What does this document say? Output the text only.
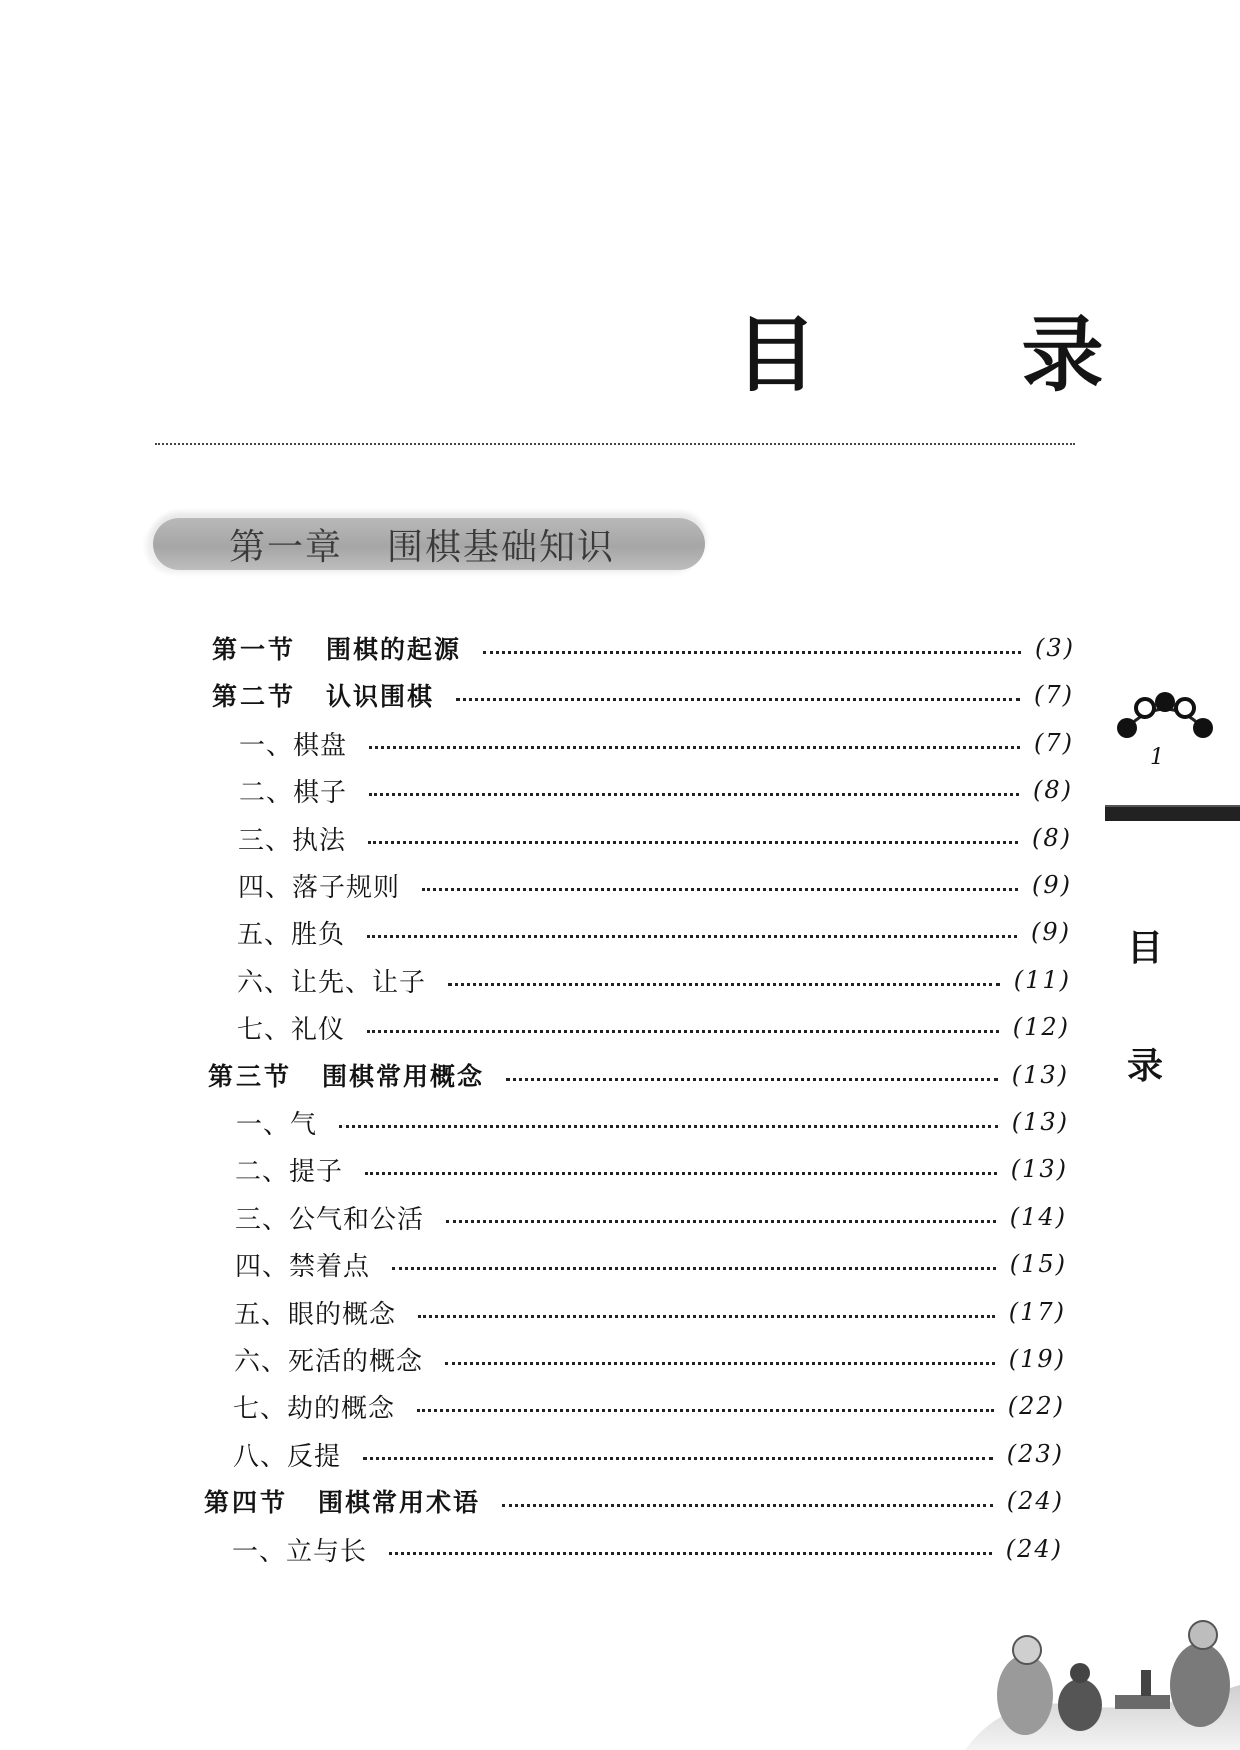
目 录
第一章 围棋基础知识
第一节 围棋的起源	(3)
第二节 认识围棋	(7)
一、棋盘	(7)
二、棋子	(8)
三、执法	(8)
四、落子规则	(9)
五、胜负	(9)
六、让先、让子	(11)
七、礼仪	(12)
第三节 围棋常用概念	(13)
一、气	(13)
二、提子	(13)
三、公气和公活	(14)
四、禁着点	(15)
五、眼的概念	(17)
六、死活的概念	(19)
七、劫的概念	(22)
八、反提	(23)
第四节 围棋常用术语	(24)
一、立与长	(24)
1
目
录
